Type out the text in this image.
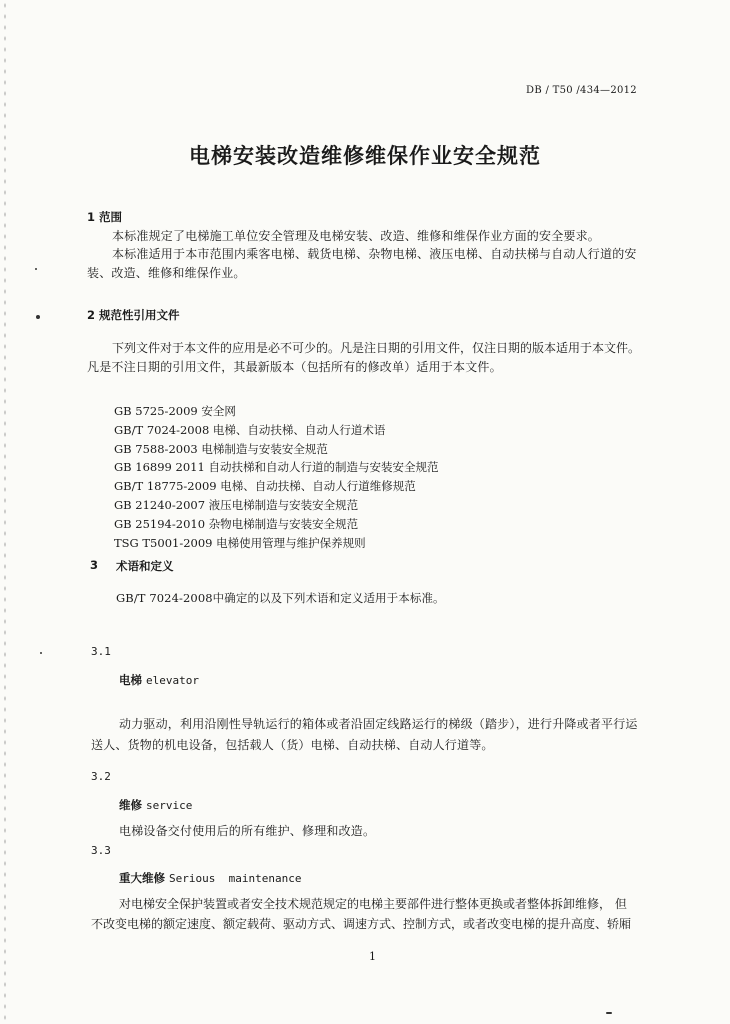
DB / T50 /434—2012
电梯安装改造维修维保作业安全规范
1 范围
本标准规定了电梯施工单位安全管理及电梯安装、改造、维修和维保作业方面的安全要求。
本标准适用于本市范围内乘客电梯、载货电梯、杂物电梯、液压电梯、自动扶梯与自动人行道的安
装、改造、维修和维保作业。
2 规范性引用文件
下列文件对于本文件的应用是必不可少的。凡是注日期的引用文件，仅注日期的版本适用于本文件。
凡是不注日期的引用文件，其最新版本（包括所有的修改单）适用于本文件。
GB 5725-2009 安全网
GB/T 7024-2008 电梯、自动扶梯、自动人行道术语
GB 7588-2003 电梯制造与安装安全规范
GB 16899 2011 自动扶梯和自动人行道的制造与安装安全规范
GB/T 18775-2009 电梯、自动扶梯、自动人行道维修规范
GB 21240-2007 液压电梯制造与安装安全规范
GB 25194-2010 杂物电梯制造与安装安全规范
TSG T5001-2009 电梯使用管理与维护保养规则
3 术语和定义
GB/T 7024-2008中确定的以及下列术语和定义适用于本标准。
3.1
电梯 elevator
动力驱动，利用沿刚性导轨运行的箱体或者沿固定线路运行的梯级（踏步），进行升降或者平行运
送人、货物的机电设备，包括载人（货）电梯、自动扶梯、自动人行道等。
3.2
维修 service
电梯设备交付使用后的所有维护、修理和改造。
3.3
重大维修 Serious  maintenance
对电梯安全保护装置或者安全技术规范规定的电梯主要部件进行整体更换或者整体拆卸维修， 但
不改变电梯的额定速度、额定载荷、驱动方式、调速方式、控制方式，或者改变电梯的提升高度、轿厢
1
